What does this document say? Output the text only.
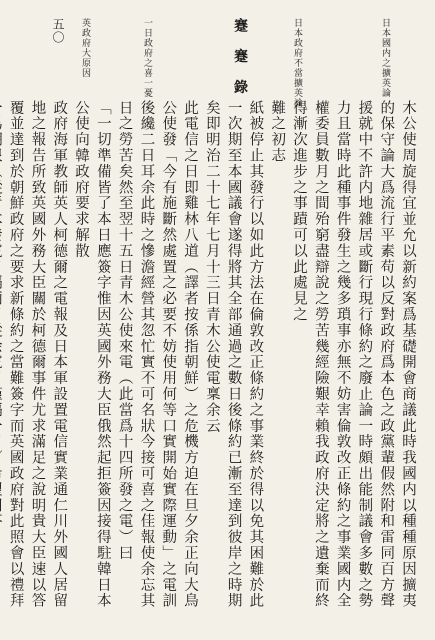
五〇 英政府大原因	一日政府之喜一憂	蹇 蹇 錄	日本政府不當擴英論
日本國内之擴英論

木公使周旋得宜並允以新約案爲基礎開會商議此時我國内以種種原因擴夷的保守論大爲流行平素苟以反對政府爲本色之政黨輩假然附和雷同百方聲援就中不許内地雜居或斷行現行條約之廢止論一時頗出能制議會多數之勢力且當時此種事件發生之幾多瑣事亦無不妨害倫敦改正條約之事業國内全權委員數月之間殆窮盡辯說之勞苦幾經險艱幸賴我政府決定將之遺棄而終得漸次進步之事蹟可以此處見之

難之初志

紙被停止其發行以如此方法在倫敦改正條約之事業終於得以免其困難於此一次期至本國議會遂得將其全部通過之數日後條約已漸至達到彼岸之時期矣即明治二十七年七月十三日青木公使電稟余云

此電信之日即雞林八道（譯者按係指朝鮮）之危機方迫在旦夕余正向大鳥公使發「今有施斷然處置之必要不妨使用何等口實開始實際運動」之電訓後纔二日耳余此時之慘澹經營其忽忙實不可名狀今接可喜之佳報使余忘其日之勞苦矣然至翌十五日青木公使來電（此當爲十四所發之電）曰

「一切準備皆了本日應簽字惟因英國外務大臣俄然起拒簽因接得駐韓日本公使向韓政府要求解散

政府海軍教師英人柯德爾之電報及日本軍設置電信實業通仁川外國人居留地之報告所致英國外務大臣關於柯德爾事件尤求滿足之說明貴大臣速以答覆並達到於朝鮮政府之要求新條約之當難簽字而英國政府對此照會以禮拜
